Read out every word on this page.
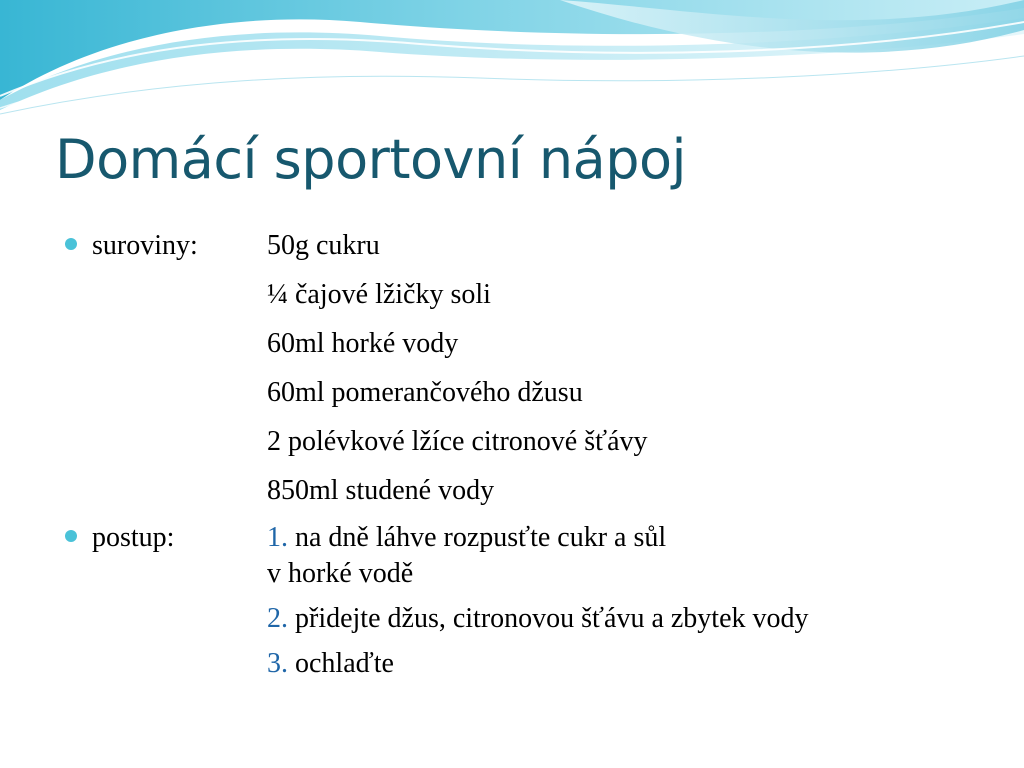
Domácí sportovní nápoj
suroviny: 50g cukru
¼ čajové lžičky soli
60ml horké vody
60ml pomerančového džusu
2 polévkové lžíce citronové šťávy
850ml studené vody
postup:	1. na dně láhve rozpusťte cukr a sůl
v horké vodě
2. přidejte džus, citronovou šťávu a zbytek vody
3. ochlaďte
